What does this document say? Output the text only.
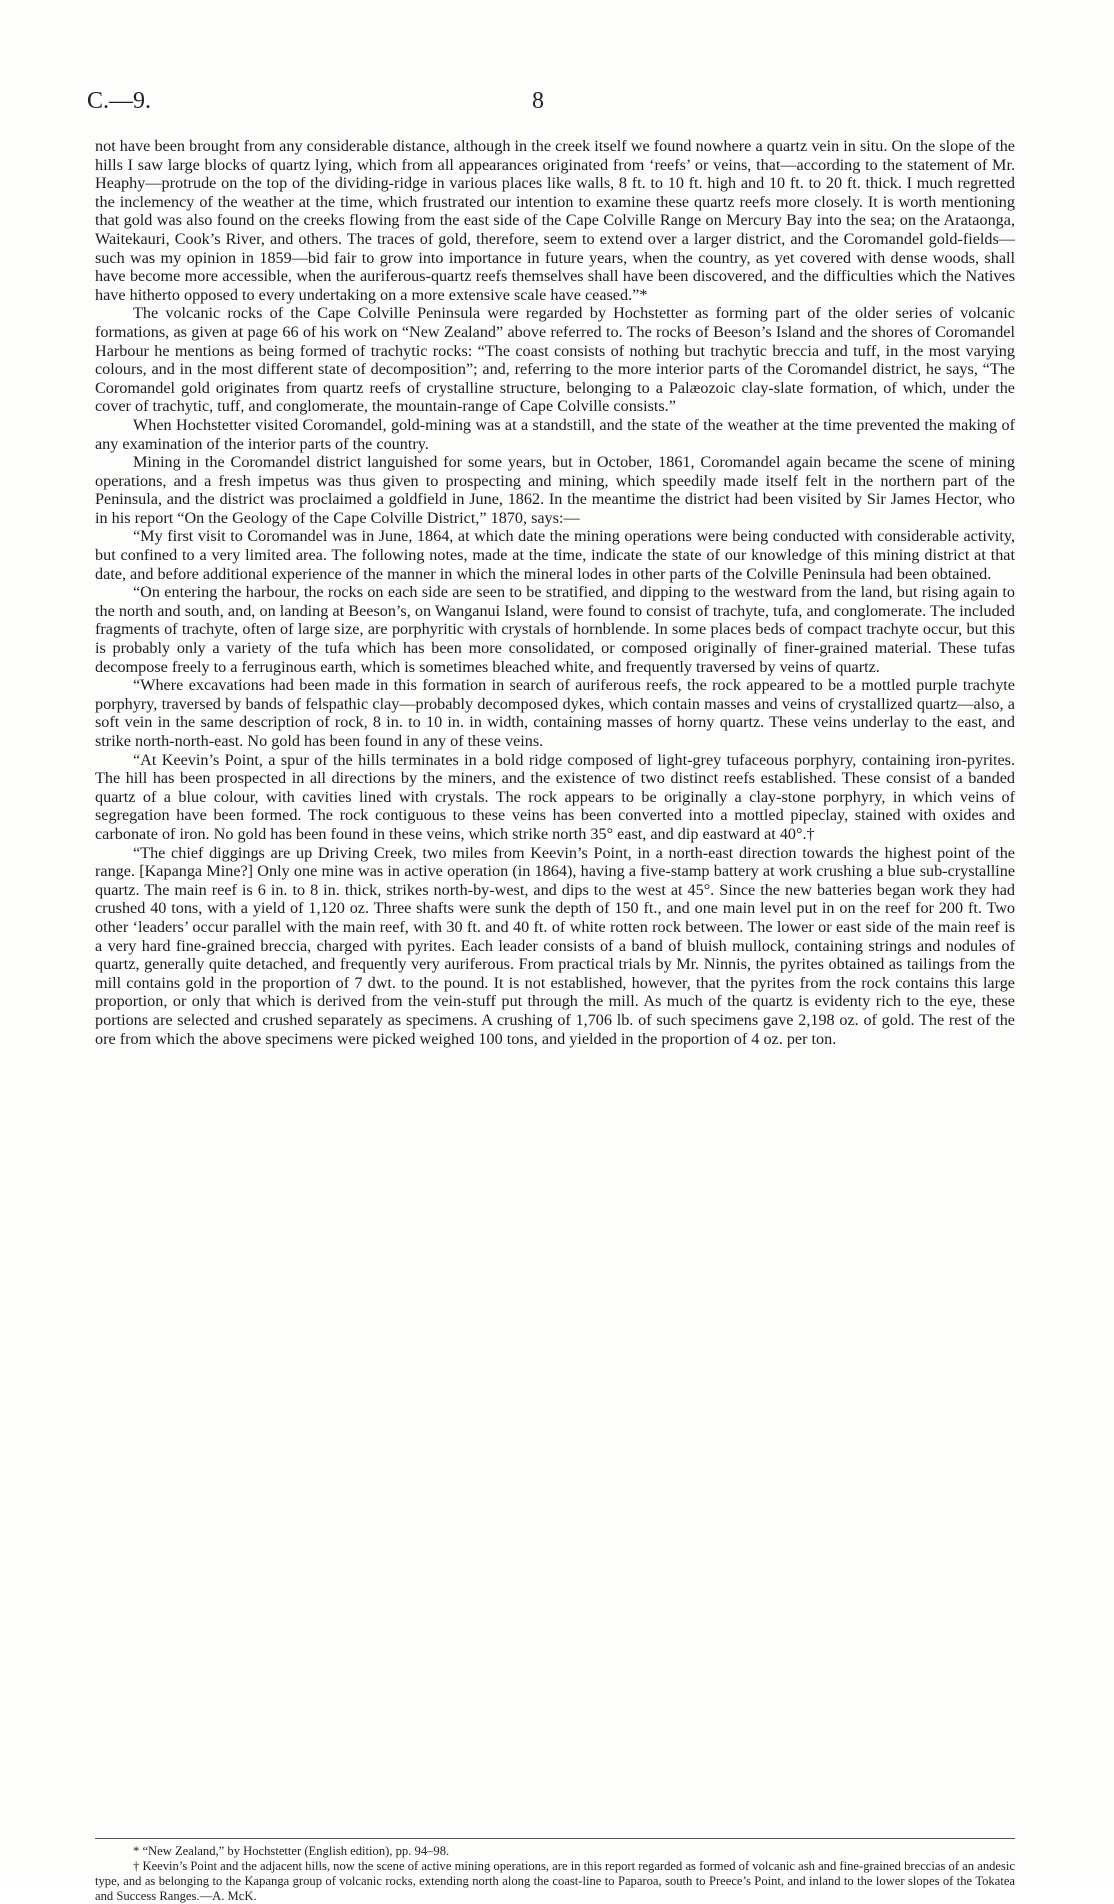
C.—9.	8

not have been brought from any considerable distance, although in the creek itself we found nowhere a quartz vein in situ. On the slope of the hills I saw large blocks of quartz lying, which from all appearances originated from ‘reefs’ or veins, that—according to the statement of Mr. Heaphy—protrude on the top of the dividing-ridge in various places like walls, 8 ft. to 10 ft. high and 10 ft. to 20 ft. thick. I much regretted the inclemency of the weather at the time, which frustrated our intention to examine these quartz reefs more closely. It is worth mentioning that gold was also found on the creeks flowing from the east side of the Cape Colville Range on Mercury Bay into the sea; on the Arataonga, Waitekauri, Cook’s River, and others. The traces of gold, therefore, seem to extend over a larger district, and the Coromandel gold-fields—such was my opinion in 1859—bid fair to grow into importance in future years, when the country, as yet covered with dense woods, shall have become more accessible, when the auriferous-quartz reefs themselves shall have been discovered, and the difficulties which the Natives have hitherto opposed to every undertaking on a more extensive scale have ceased.”*

The volcanic rocks of the Cape Colville Peninsula were regarded by Hochstetter as forming part of the older series of volcanic formations, as given at page 66 of his work on “New Zealand” above referred to. The rocks of Beeson’s Island and the shores of Coromandel Harbour he mentions as being formed of trachytic rocks: “The coast consists of nothing but trachytic breccia and tuff, in the most varying colours, and in the most different state of decomposition”; and, referring to the more interior parts of the Coromandel district, he says, “The Coromandel gold originates from quartz reefs of crystalline structure, belonging to a Palæozoic clay-slate formation, of which, under the cover of trachytic, tuff, and conglomerate, the mountain-range of Cape Colville consists.”

When Hochstetter visited Coromandel, gold-mining was at a standstill, and the state of the weather at the time prevented the making of any examination of the interior parts of the country.

Mining in the Coromandel district languished for some years, but in October, 1861, Coromandel again became the scene of mining operations, and a fresh impetus was thus given to prospecting and mining, which speedily made itself felt in the northern part of the Peninsula, and the district was proclaimed a goldfield in June, 1862. In the meantime the district had been visited by Sir James Hector, who in his report “On the Geology of the Cape Colville District,” 1870, says:—

“My first visit to Coromandel was in June, 1864, at which date the mining operations were being conducted with considerable activity, but confined to a very limited area. The following notes, made at the time, indicate the state of our knowledge of this mining district at that date, and before additional experience of the manner in which the mineral lodes in other parts of the Colville Peninsula had been obtained.

“On entering the harbour, the rocks on each side are seen to be stratified, and dipping to the westward from the land, but rising again to the north and south, and, on landing at Beeson’s, on Wanganui Island, were found to consist of trachyte, tufa, and conglomerate. The included fragments of trachyte, often of large size, are porphyritic with crystals of hornblende. In some places beds of compact trachyte occur, but this is probably only a variety of the tufa which has been more consolidated, or composed originally of finer-grained material. These tufas decompose freely to a ferruginous earth, which is sometimes bleached white, and frequently traversed by veins of quartz.

“Where excavations had been made in this formation in search of auriferous reefs, the rock appeared to be a mottled purple trachyte porphyry, traversed by bands of felspathic clay—probably decomposed dykes, which contain masses and veins of crystallized quartz—also, a soft vein in the same description of rock, 8 in. to 10 in. in width, containing masses of horny quartz. These veins underlay to the east, and strike north-north-east. No gold has been found in any of these veins.

“At Keevin’s Point, a spur of the hills terminates in a bold ridge composed of light-grey tufaceous porphyry, containing iron-pyrites. The hill has been prospected in all directions by the miners, and the existence of two distinct reefs established. These consist of a banded quartz of a blue colour, with cavities lined with crystals. The rock appears to be originally a clay-stone porphyry, in which veins of segregation have been formed. The rock contiguous to these veins has been converted into a mottled pipeclay, stained with oxides and carbonate of iron. No gold has been found in these veins, which strike north 35° east, and dip eastward at 40°.†

“The chief diggings are up Driving Creek, two miles from Keevin’s Point, in a north-east direction towards the highest point of the range. [Kapanga Mine?] Only one mine was in active operation (in 1864), having a five-stamp battery at work crushing a blue sub-crystalline quartz. The main reef is 6 in. to 8 in. thick, strikes north-by-west, and dips to the west at 45°. Since the new batteries began work they had crushed 40 tons, with a yield of 1,120 oz. Three shafts were sunk the depth of 150 ft., and one main level put in on the reef for 200 ft. Two other ‘leaders’ occur parallel with the main reef, with 30 ft. and 40 ft. of white rotten rock between. The lower or east side of the main reef is a very hard fine-grained breccia, charged with pyrites. Each leader consists of a band of bluish mullock, containing strings and nodules of quartz, generally quite detached, and frequently very auriferous. From practical trials by Mr. Ninnis, the pyrites obtained as tailings from the mill contains gold in the proportion of 7 dwt. to the pound. It is not established, however, that the pyrites from the rock contains this large proportion, or only that which is derived from the vein-stuff put through the mill. As much of the quartz is evidenty rich to the eye, these portions are selected and crushed separately as specimens. A crushing of 1,706 lb. of such specimens gave 2,198 oz. of gold. The rest of the ore from which the above specimens were picked weighed 100 tons, and yielded in the proportion of 4 oz. per ton.

* “New Zealand,” by Hochstetter (English edition), pp. 94–98.

† Keevin’s Point and the adjacent hills, now the scene of active mining operations, are in this report regarded as formed of volcanic ash and fine-grained breccias of an andesic type, and as belonging to the Kapanga group of volcanic rocks, extending north along the coast-line to Paparoa, south to Preece’s Point, and inland to the lower slopes of the Tokatea and Success Ranges.—A. McK.
